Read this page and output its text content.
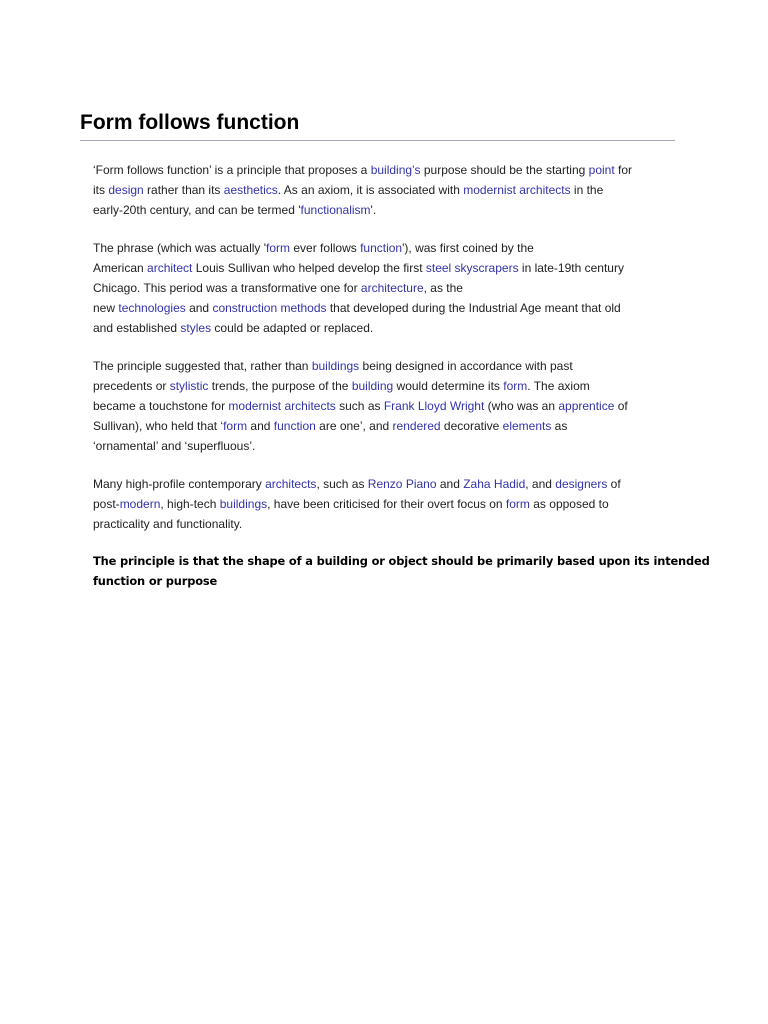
Form follows function

‘Form follows function’ is a principle that proposes a building’s purpose should be the starting point for
its design rather than its aesthetics. As an axiom, it is associated with modernist architects in the
early-20th century, and can be termed 'functionalism'.

The phrase (which was actually 'form ever follows function'), was first coined by the
American architect Louis Sullivan who helped develop the first steel skyscrapers in late-19th century
Chicago. This period was a transformative one for architecture, as the
new technologies and construction methods that developed during the Industrial Age meant that old
and established styles could be adapted or replaced.

The principle suggested that, rather than buildings being designed in accordance with past
precedents or stylistic trends, the purpose of the building would determine its form. The axiom
became a touchstone for modernist architects such as Frank Lloyd Wright (who was an apprentice of
Sullivan), who held that ‘form and function are one’, and rendered decorative elements as
‘ornamental’ and ‘superfluous’.

Many high-profile contemporary architects, such as Renzo Piano and Zaha Hadid, and designers of
post-modern, high-tech buildings, have been criticised for their overt focus on form as opposed to
practicality and functionality.

The principle is that the shape of a building or object should be primarily based upon its intended
function or purpose
